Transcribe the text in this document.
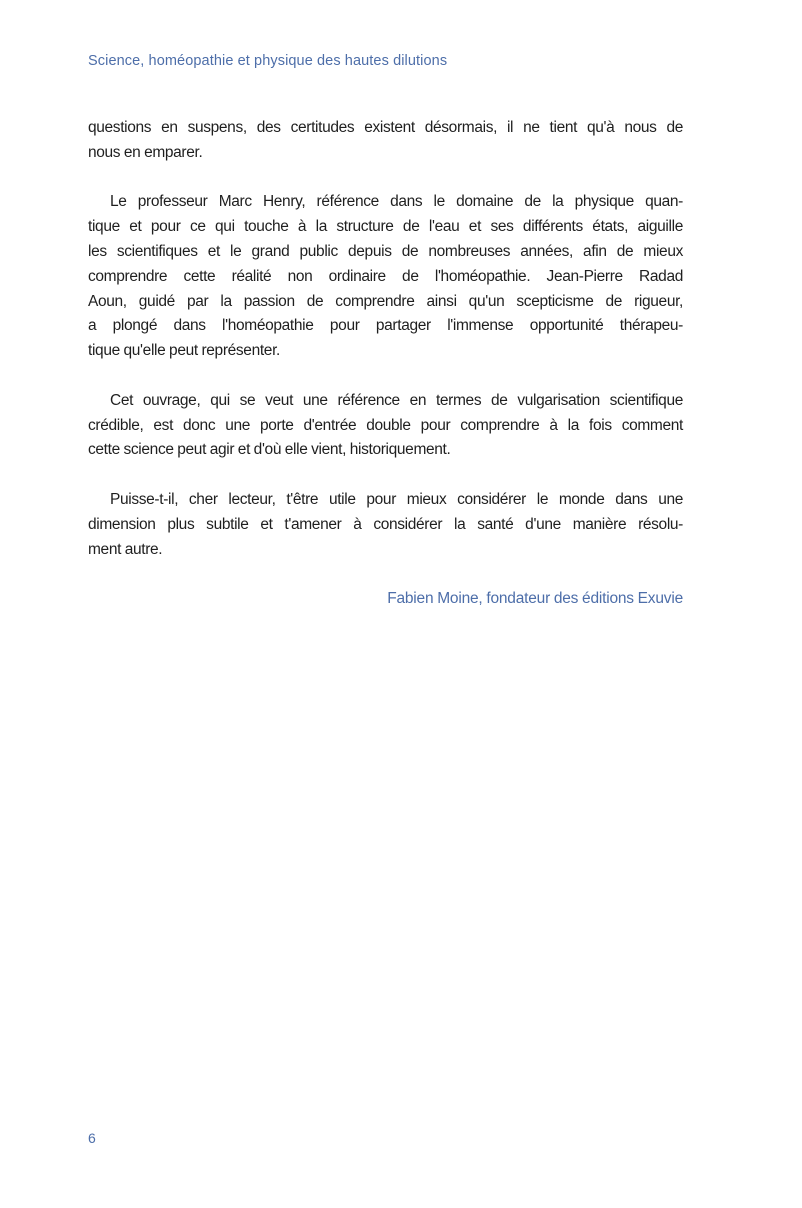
Science, homéopathie et physique des hautes dilutions
questions en suspens, des certitudes existent désormais, il ne tient qu'à nous de
nous en emparer.
Le professeur Marc Henry, référence dans le domaine de la physique quan-
tique et pour ce qui touche à la structure de l'eau et ses différents états, aiguille
les scientifiques et le grand public depuis de nombreuses années, afin de mieux
comprendre cette réalité non ordinaire de l'homéopathie. Jean-Pierre Radad
Aoun, guidé par la passion de comprendre ainsi qu'un scepticisme de rigueur,
a plongé dans l'homéopathie pour partager l'immense opportunité thérapeu-
tique qu'elle peut représenter.
Cet ouvrage, qui se veut une référence en termes de vulgarisation scientifique
crédible, est donc une porte d'entrée double pour comprendre à la fois comment
cette science peut agir et d'où elle vient, historiquement.
Puisse-t-il, cher lecteur, t'être utile pour mieux considérer le monde dans une
dimension plus subtile et t'amener à considérer la santé d'une manière résolu-
ment autre.
Fabien Moine, fondateur des éditions Exuvie
6
